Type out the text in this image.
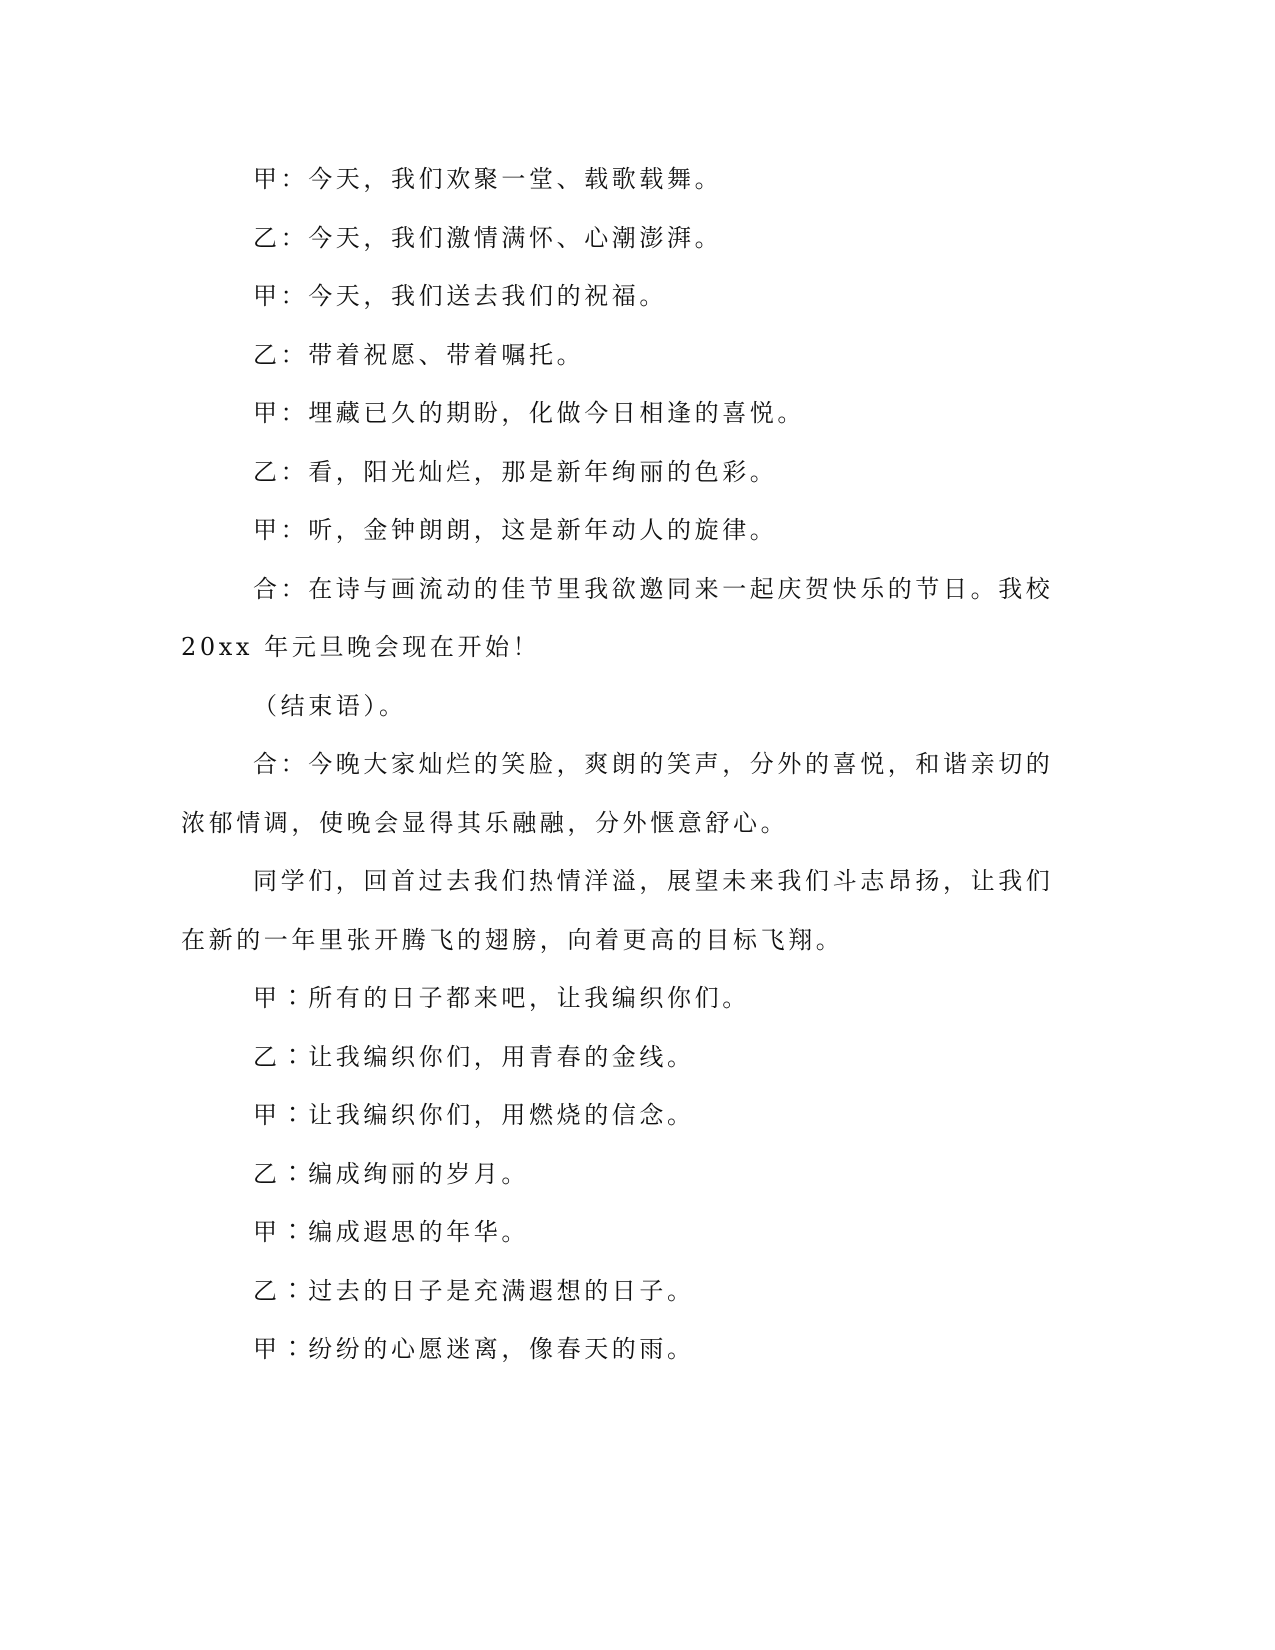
甲：今天，我们欢聚一堂、载歌载舞。

乙：今天，我们激情满怀、心潮澎湃。

甲：今天，我们送去我们的祝福。

乙：带着祝愿、带着嘱托。

甲：埋藏已久的期盼，化做今日相逢的喜悦。

乙：看，阳光灿烂，那是新年绚丽的色彩。

甲：听，金钟朗朗，这是新年动人的旋律。

合：在诗与画流动的佳节里我欲邀同来一起庆贺快乐的节日。我校 20xx 年元旦晚会现在开始！

（结束语）。

合：今晚大家灿烂的笑脸，爽朗的笑声，分外的喜悦，和谐亲切的浓郁情调，使晚会显得其乐融融，分外惬意舒心。

同学们，回首过去我们热情洋溢，展望未来我们斗志昂扬，让我们在新的一年里张开腾飞的翅膀，向着更高的目标飞翔。

甲∶所有的日子都来吧，让我编织你们。

乙∶让我编织你们，用青春的金线。

甲∶让我编织你们，用燃烧的信念。

乙∶编成绚丽的岁月。

甲∶编成遐思的年华。

乙∶过去的日子是充满遐想的日子。

甲∶纷纷的心愿迷离，像春天的雨。
